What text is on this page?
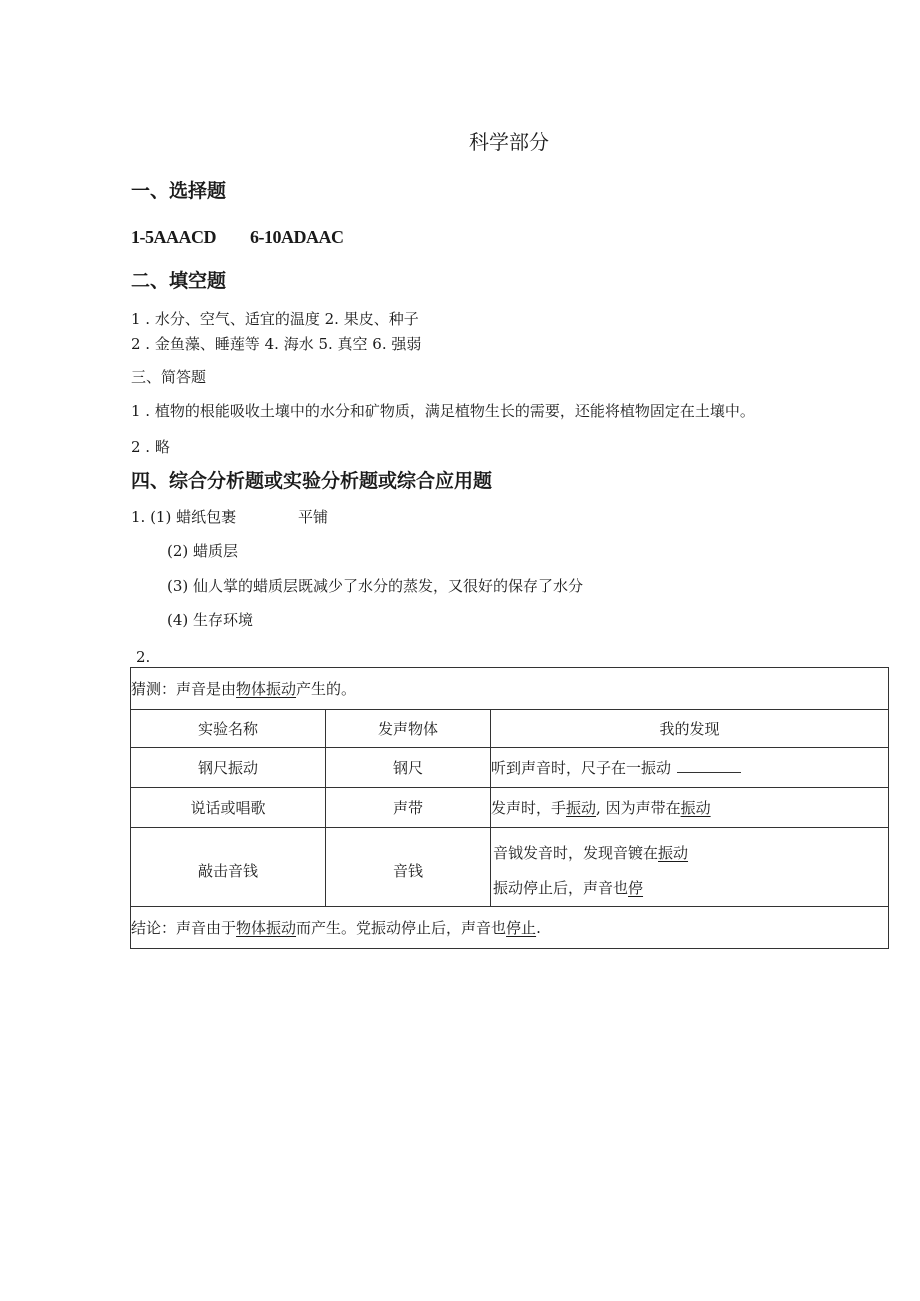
科学部分
一、选择题
1-5AAACD 6-10ADAAC
二、填空题
1 . 水分、空气、适宜的温度 2. 果皮、种子
2 . 金鱼藻、睡莲等 4. 海水 5. 真空 6. 强弱
三、简答题
1 . 植物的根能吸收土壤中的水分和矿物质，满足植物生长的需要，还能将植物固定在土壤中。
2 . 略
四、综合分析题或实验分析题或综合应用题
1. (1) 蜡纸包裹	平铺
(2) 蜡质层
(3) 仙人掌的蜡质层既减少了水分的蒸发，又很好的保存了水分
(4) 生存环境
2.
猜测：声音是由物体振动产生的。		
实验名称	发声物体	我的发现
钢尺振动	钢尺	听到声音时，尺子在一振动
说话或唱歌	声带	发声时，手振动, 因为声带在振动
敲击音钱	音钱	音钺发音时，发现音镀在振动
振动停止后，声音也停

结论：声音由于物体振动而产生。党振动停止后，声音也停止.		
